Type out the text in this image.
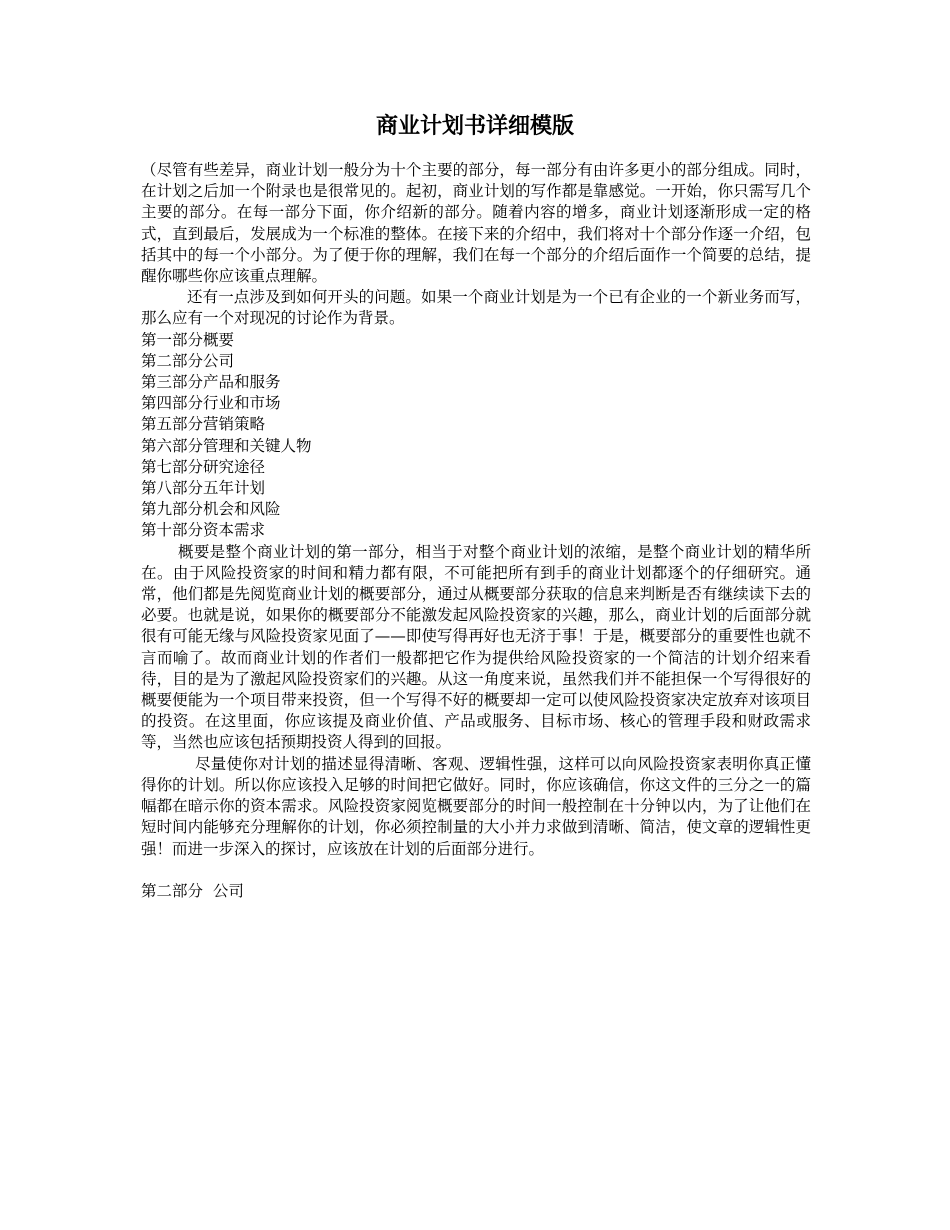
商业计划书详细模版

（尽管有些差异，商业计划一般分为十个主要的部分，每一部分有由许多更小的部分组成。同时，在计划之后加一个附录也是很常见的。起初，商业计划的写作都是靠感觉。一开始，你只需写几个主要的部分。在每一部分下面，你介绍新的部分。随着内容的增多，商业计划逐渐形成一定的格式，直到最后，发展成为一个标准的整体。在接下来的介绍中，我们将对十个部分作逐一介绍，包括其中的每一个小部分。为了便于你的理解，我们在每一个部分的介绍后面作一个简要的总结，提醒你哪些你应该重点理解。

还有一点涉及到如何开头的问题。如果一个商业计划是为一个已有企业的一个新业务而写，那么应有一个对现况的讨论作为背景。

第一部分概要
第二部分公司
第三部分产品和服务
第四部分行业和市场
第五部分营销策略
第六部分管理和关键人物
第七部分研究途径
第八部分五年计划
第九部分机会和风险
第十部分资本需求

概要是整个商业计划的第一部分，相当于对整个商业计划的浓缩，是整个商业计划的精华所在。由于风险投资家的时间和精力都有限，不可能把所有到手的商业计划都逐个的仔细研究。通常，他们都是先阅览商业计划的概要部分，通过从概要部分获取的信息来判断是否有继续读下去的必要。也就是说，如果你的概要部分不能激发起风险投资家的兴趣，那么，商业计划的后面部分就很有可能无缘与风险投资家见面了——即使写得再好也无济于事！于是，概要部分的重要性也就不言而喻了。故而商业计划的作者们一般都把它作为提供给风险投资家的一个简洁的计划介绍来看待，目的是为了激起风险投资家们的兴趣。从这一角度来说，虽然我们并不能担保一个写得很好的概要便能为一个项目带来投资，但一个写得不好的概要却一定可以使风险投资家决定放弃对该项目的投资。在这里面，你应该提及商业价值、产品或服务、目标市场、核心的管理手段和财政需求等，当然也应该包括预期投资人得到的回报。

尽量使你对计划的描述显得清晰、客观、逻辑性强，这样可以向风险投资家表明你真正懂得你的计划。所以你应该投入足够的时间把它做好。同时，你应该确信，你这文件的三分之一的篇幅都在暗示你的资本需求。风险投资家阅览概要部分的时间一般控制在十分钟以内，为了让他们在短时间内能够充分理解你的计划，你必须控制量的大小并力求做到清晰、简洁，使文章的逻辑性更强！而进一步深入的探讨，应该放在计划的后面部分进行。

第二部分  公司
